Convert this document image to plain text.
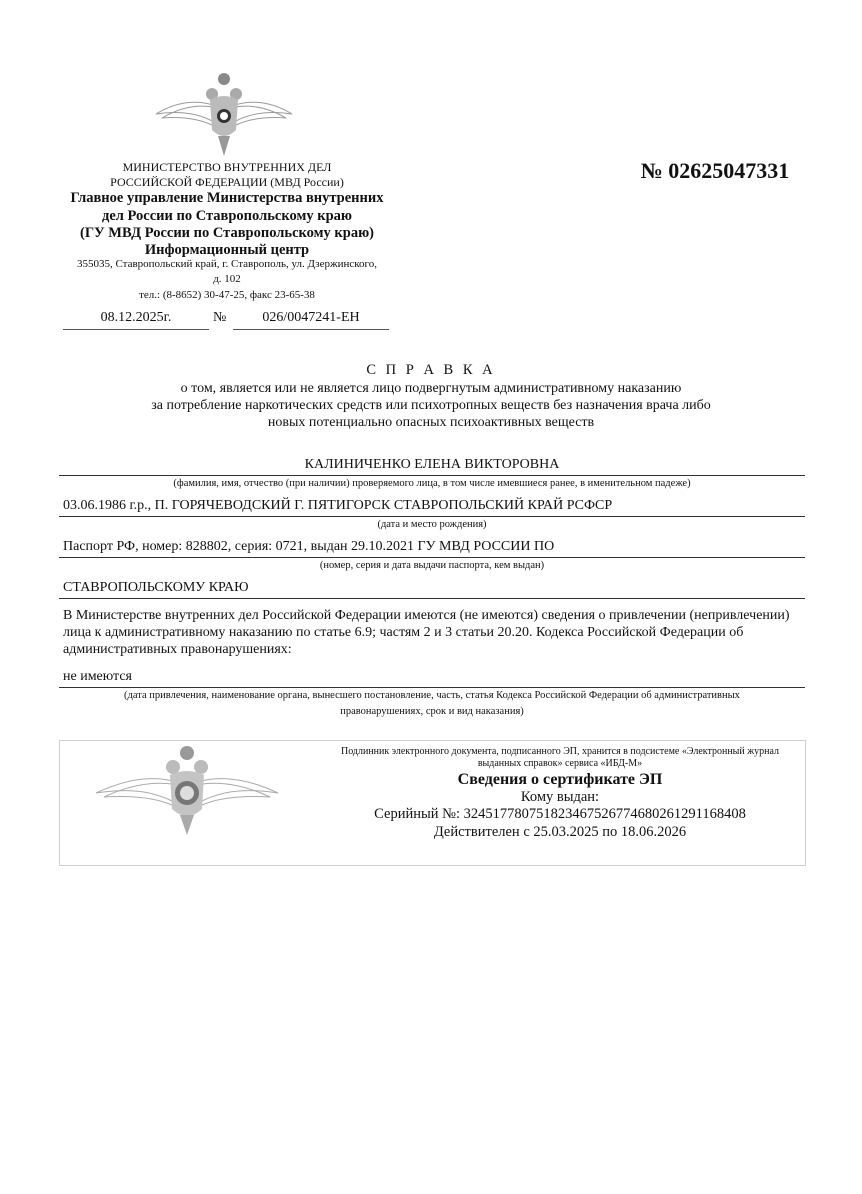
МИНИСТЕРСТВО ВНУТРЕННИХ ДЕЛ
РОССИЙСКОЙ ФЕДЕРАЦИИ (МВД России)
Главное управление Министерства внутренних
дел России по Ставропольскому краю
(ГУ МВД России по Ставропольскому краю)
Информационный центр
355035, Ставропольский край, г. Ставрополь, ул. Дзержинского,
д. 102
тел.: (8-8652) 30-47-25, факс 23-65-38
08.12.2025г.	№	026/0047241-ЕН
№ 02625047331
С П Р А В К А
о том, является или не является лицо подвергнутым административному наказанию
за потребление наркотических средств или психотропных веществ без назначения врача либо
новых потенциально опасных психоактивных веществ
КАЛИНИЧЕНКО ЕЛЕНА ВИКТОРОВНА
(фамилия, имя, отчество (при наличии) проверяемого лица, в том числе имевшиеся ранее, в именительном падеже)
03.06.1986 г.р., П. ГОРЯЧЕВОДСКИЙ Г. ПЯТИГОРСК СТАВРОПОЛЬСКИЙ КРАЙ РСФСР
(дата и место рождения)
Паспорт РФ, номер: 828802, серия: 0721, выдан 29.10.2021 ГУ МВД РОССИИ ПО
(номер, серия и дата выдачи паспорта, кем выдан)
СТАВРОПОЛЬСКОМУ КРАЮ
В Министерстве внутренних дел Российской Федерации имеются (не имеются) сведения о привлечении (непривлечении) лица к административному наказанию по статье 6.9; частям 2 и 3 статьи 20.20. Кодекса Российской Федерации об административных правонарушениях:
не имеются
(дата привлечения, наименование органа, вынесшего постановление, часть, статья Кодекса Российской Федерации об административных
правонарушениях, срок и вид наказания)
Подлинник электронного документа, подписанного ЭП, хранится в подсистеме «Электронный журнал
выданных справок» сервиса «ИБД-М»
Сведения о сертификате ЭП
Кому выдан:
Серийный №: 324517780751823467526774680261291168408
Действителен с 25.03.2025 по 18.06.2026
